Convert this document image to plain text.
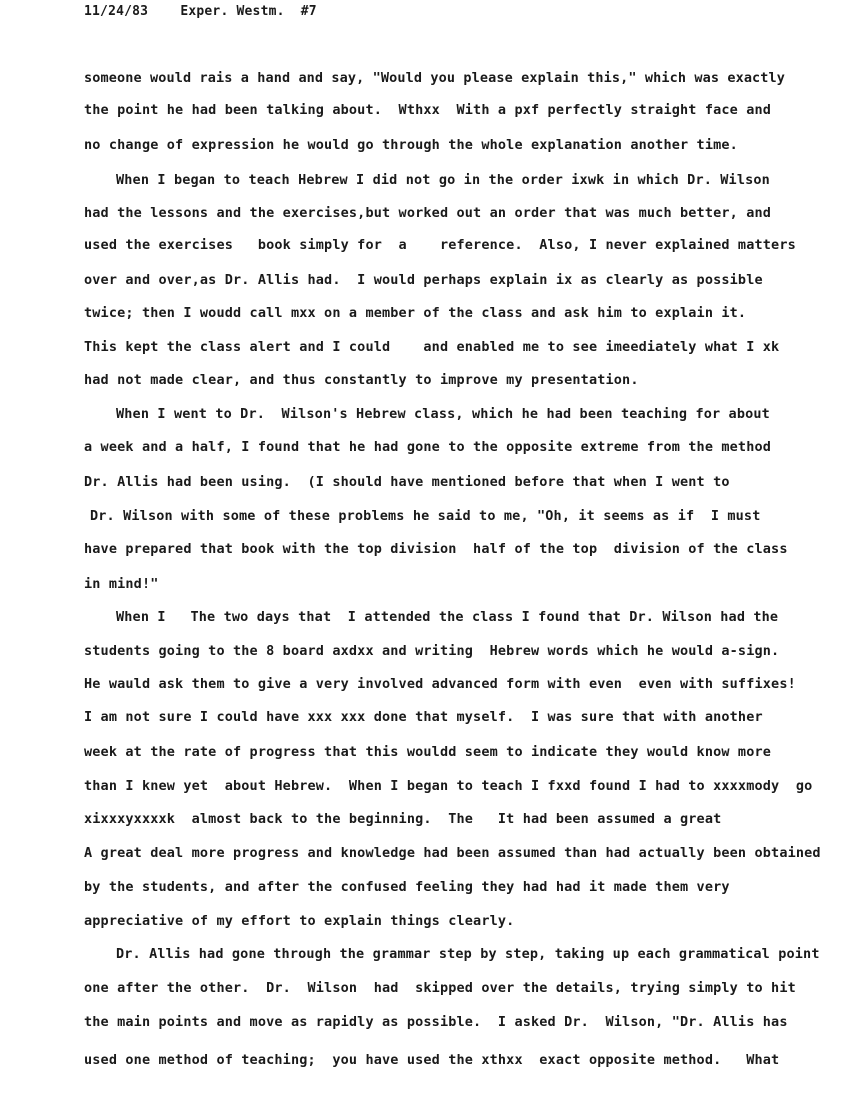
11/24/83    Exper. Westm.  #7
someone would rais a hand and say, "Would you please explain this," which was exactly
the point he had been talking about.  Wthxx  With a pxf perfectly straight face and
no change of expression he would go through the whole explanation another time.
When I began to teach Hebrew I did not go in the order ixwk in which Dr. Wilson
had the lessons and the exercises,but worked out an order that was much better, and
used the exercises   book simply for  a    reference.  Also, I never explained matters
over and over,as Dr. Allis had.  I would perhaps explain ix as clearly as possible
twice; then I woudd call mxx on a member of the class and ask him to explain it.
This kept the class alert and I could    and enabled me to see imeediately what I xk
had not made clear, and thus constantly to improve my presentation.
When I went to Dr.  Wilson's Hebrew class, which he had been teaching for about
a week and a half, I found that he had gone to the opposite extreme from the method
Dr. Allis had been using.  (I should have mentioned before that when I went to
Dr. Wilson with some of these problems he said to me, "Oh, it seems as if  I must
have prepared that book with the top division  half of the top  division of the class
in mind!"
When I   The two days that  I attended the class I found that Dr. Wilson had the
students going to the 8 board axdxx and writing  Hebrew words which he would a-sign.
He wauld ask them to give a very involved advanced form with even  even with suffixes!
I am not sure I could have xxx xxx done that myself.  I was sure that with another
week at the rate of progress that this wouldd seem to indicate they would know more
than I knew yet  about Hebrew.  When I began to teach I fxxd found I had to xxxxmody  go
xixxxyxxxxk  almost back to the beginning.  The   It had been assumed a great
A great deal more progress and knowledge had been assumed than had actually been obtained
by the students, and after the confused feeling they had had it made them very
appreciative of my effort to explain things clearly.
Dr. Allis had gone through the grammar step by step, taking up each grammatical point
one after the other.  Dr.  Wilson  had  skipped over the details, trying simply to hit
the main points and move as rapidly as possible.  I asked Dr.  Wilson, "Dr. Allis has
used one method of teaching;  you have used the xthxx  exact opposite method.   What
